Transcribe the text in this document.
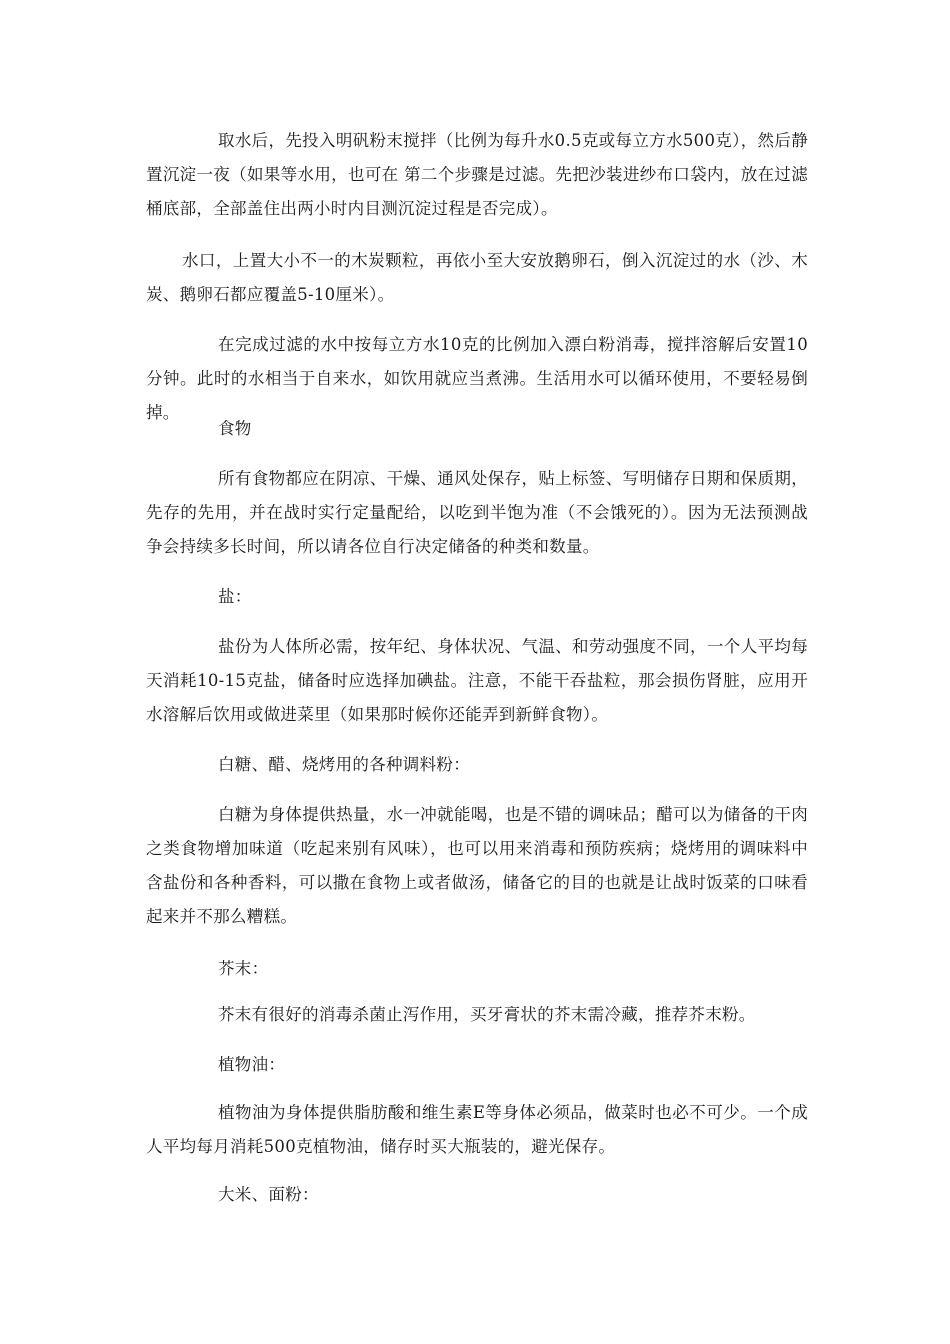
取水后，先投入明矾粉末搅拌（比例为每升水0.5克或每立方水500克），然后静置沉淀一夜（如果等水用，也可在 第二个步骤是过滤。先把沙装进纱布口袋内，放在过滤桶底部，全部盖住出两小时内目测沉淀过程是否完成）。

水口，上置大小不一的木炭颗粒，再依小至大安放鹅卵石，倒入沉淀过的水（沙、木炭、鹅卵石都应覆盖5-10厘米）。

在完成过滤的水中按每立方水10克的比例加入漂白粉消毒，搅拌溶解后安置10分钟。此时的水相当于自来水，如饮用就应当煮沸。生活用水可以循环使用，不要轻易倒掉。

食物

所有食物都应在阴凉、干燥、通风处保存，贴上标签、写明储存日期和保质期，先存的先用，并在战时实行定量配给，以吃到半饱为准（不会饿死的）。因为无法预测战争会持续多长时间，所以请各位自行决定储备的种类和数量。

盐：

盐份为人体所必需，按年纪、身体状况、气温、和劳动强度不同，一个人平均每天消耗10-15克盐，储备时应选择加碘盐。注意，不能干吞盐粒，那会损伤肾脏，应用开水溶解后饮用或做进菜里（如果那时候你还能弄到新鲜食物）。

白糖、醋、烧烤用的各种调料粉：

白糖为身体提供热量，水一冲就能喝，也是不错的调味品；醋可以为储备的干肉之类食物增加味道（吃起来别有风味），也可以用来消毒和预防疾病；烧烤用的调味料中含盐份和各种香料，可以撒在食物上或者做汤，储备它的目的也就是让战时饭菜的口味看起来并不那么糟糕。

芥末：

芥末有很好的消毒杀菌止泻作用，买牙膏状的芥末需冷藏，推荐芥末粉。

植物油：

植物油为身体提供脂肪酸和维生素E等身体必须品，做菜时也必不可少。一个成人平均每月消耗500克植物油，储存时买大瓶装的，避光保存。

大米、面粉：
